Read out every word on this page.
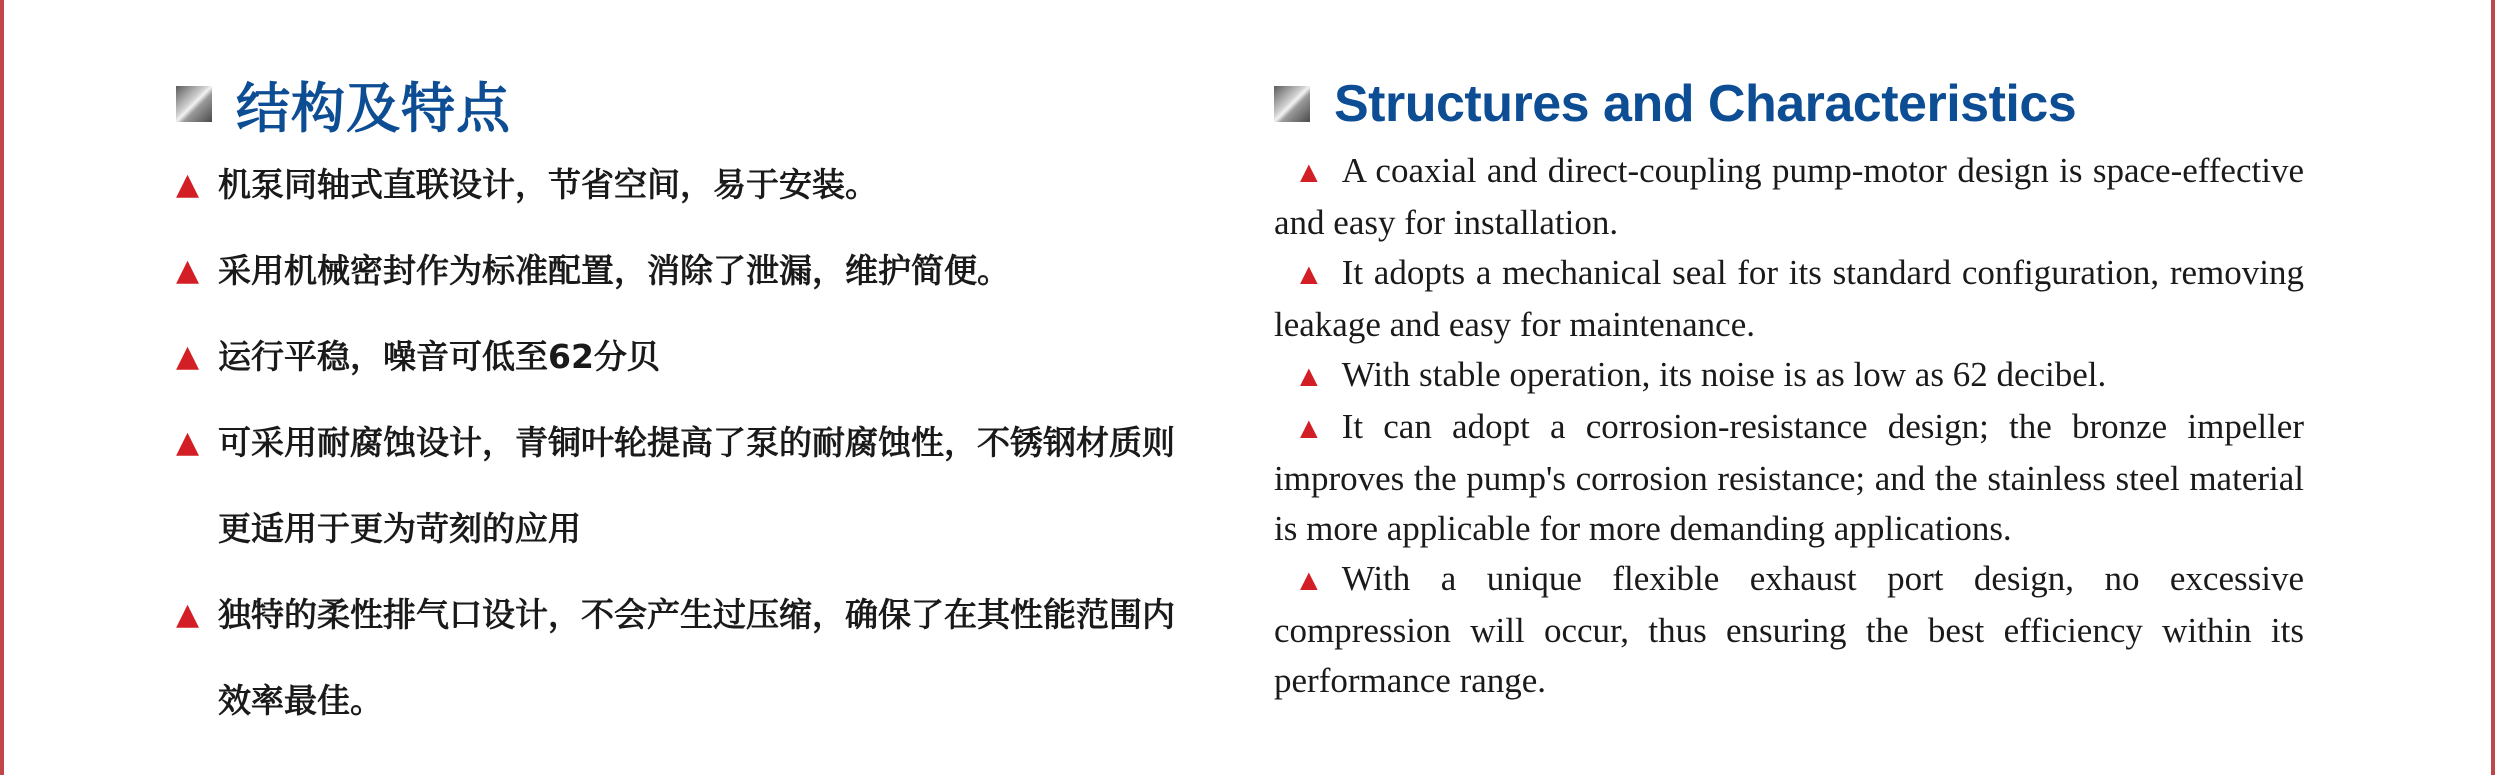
结构及特点
▲ 机泵同轴式直联设计，节省空间，易于安装。
▲ 采用机械密封作为标准配置，消除了泄漏，维护简便。
▲ 运行平稳，噪音可低至62分贝
▲ 可采用耐腐蚀设计，青铜叶轮提高了泵的耐腐蚀性，不锈钢材质则更适用于更为苛刻的应用
▲ 独特的柔性排气口设计，不会产生过压缩，确保了在其性能范围内效率最佳。
Structures and Characteristics

▲ A coaxial and direct-coupling pump-motor design is space-effective and easy for installation.

▲ It adopts a mechanical seal for its standard configuration, removing leakage and easy for maintenance.

▲ With stable operation, its noise is as low as 62 decibel.

▲ It can adopt a corrosion-resistance design; the bronze impeller improves the pump's corrosion resistance; and the stainless steel material is more applicable for more demanding applications.

▲ With a unique flexible exhaust port design, no excessive compression will occur, thus ensuring the best efficiency within its performance range.
